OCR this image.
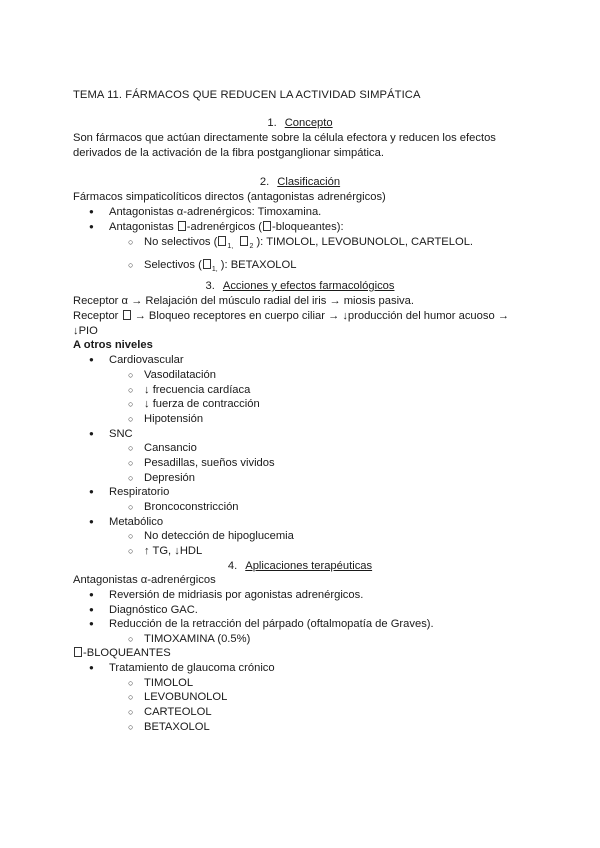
TEMA 11. FÁRMACOS QUE REDUCEN LA ACTIVIDAD SIMPÁTICA
1. Concepto
Son fármacos que actúan directamente sobre la célula efectora y reducen los efectos
derivados de la activación de la fibra postganglionar simpática.
2. Clasificación
Fármacos simpaticolíticos directos (antagonistas adrenérgicos)
● Antagonistas α-adrenérgicos: Timoxamina.
● Antagonistas -adrenérgicos ( -bloqueantes):
○ No selectivos ( $_{1,}$ $_2$ ): TIMOLOL, LEVOBUNOLOL, CARTELOL.
○ Selectivos ( $_{1,}$ ): BETAXOLOL
3. Acciones y efectos farmacológicos
Receptor α → Relajación del músculo radial del iris → miosis pasiva.
Receptor  → Bloqueo receptores en cuerpo ciliar → ↓producción del humor acuoso →
↓PIO
A otros niveles
● Cardiovascular
○ Vasodilatación
○ ↓ frecuencia cardíaca
○ ↓ fuerza de contracción
○ Hipotensión
● SNC
○ Cansancio
○ Pesadillas, sueños vividos
○ Depresión
● Respiratorio
○ Broncoconstricción
● Metabólico
○ No detección de hipoglucemia
○ ↑ TG, ↓HDL
4. Aplicaciones terapéuticas
Antagonistas α-adrenérgicos
● Reversión de midriasis por agonistas adrenérgicos.
● Diagnóstico GAC.
● Reducción de la retracción del párpado (oftalmopatía de Graves).
○ TIMOXAMINA (0.5%)
-BLOQUEANTES
● Tratamiento de glaucoma crónico
○ TIMOLOL
○ LEVOBUNOLOL
○ CARTEOLOL
○ BETAXOLOL
